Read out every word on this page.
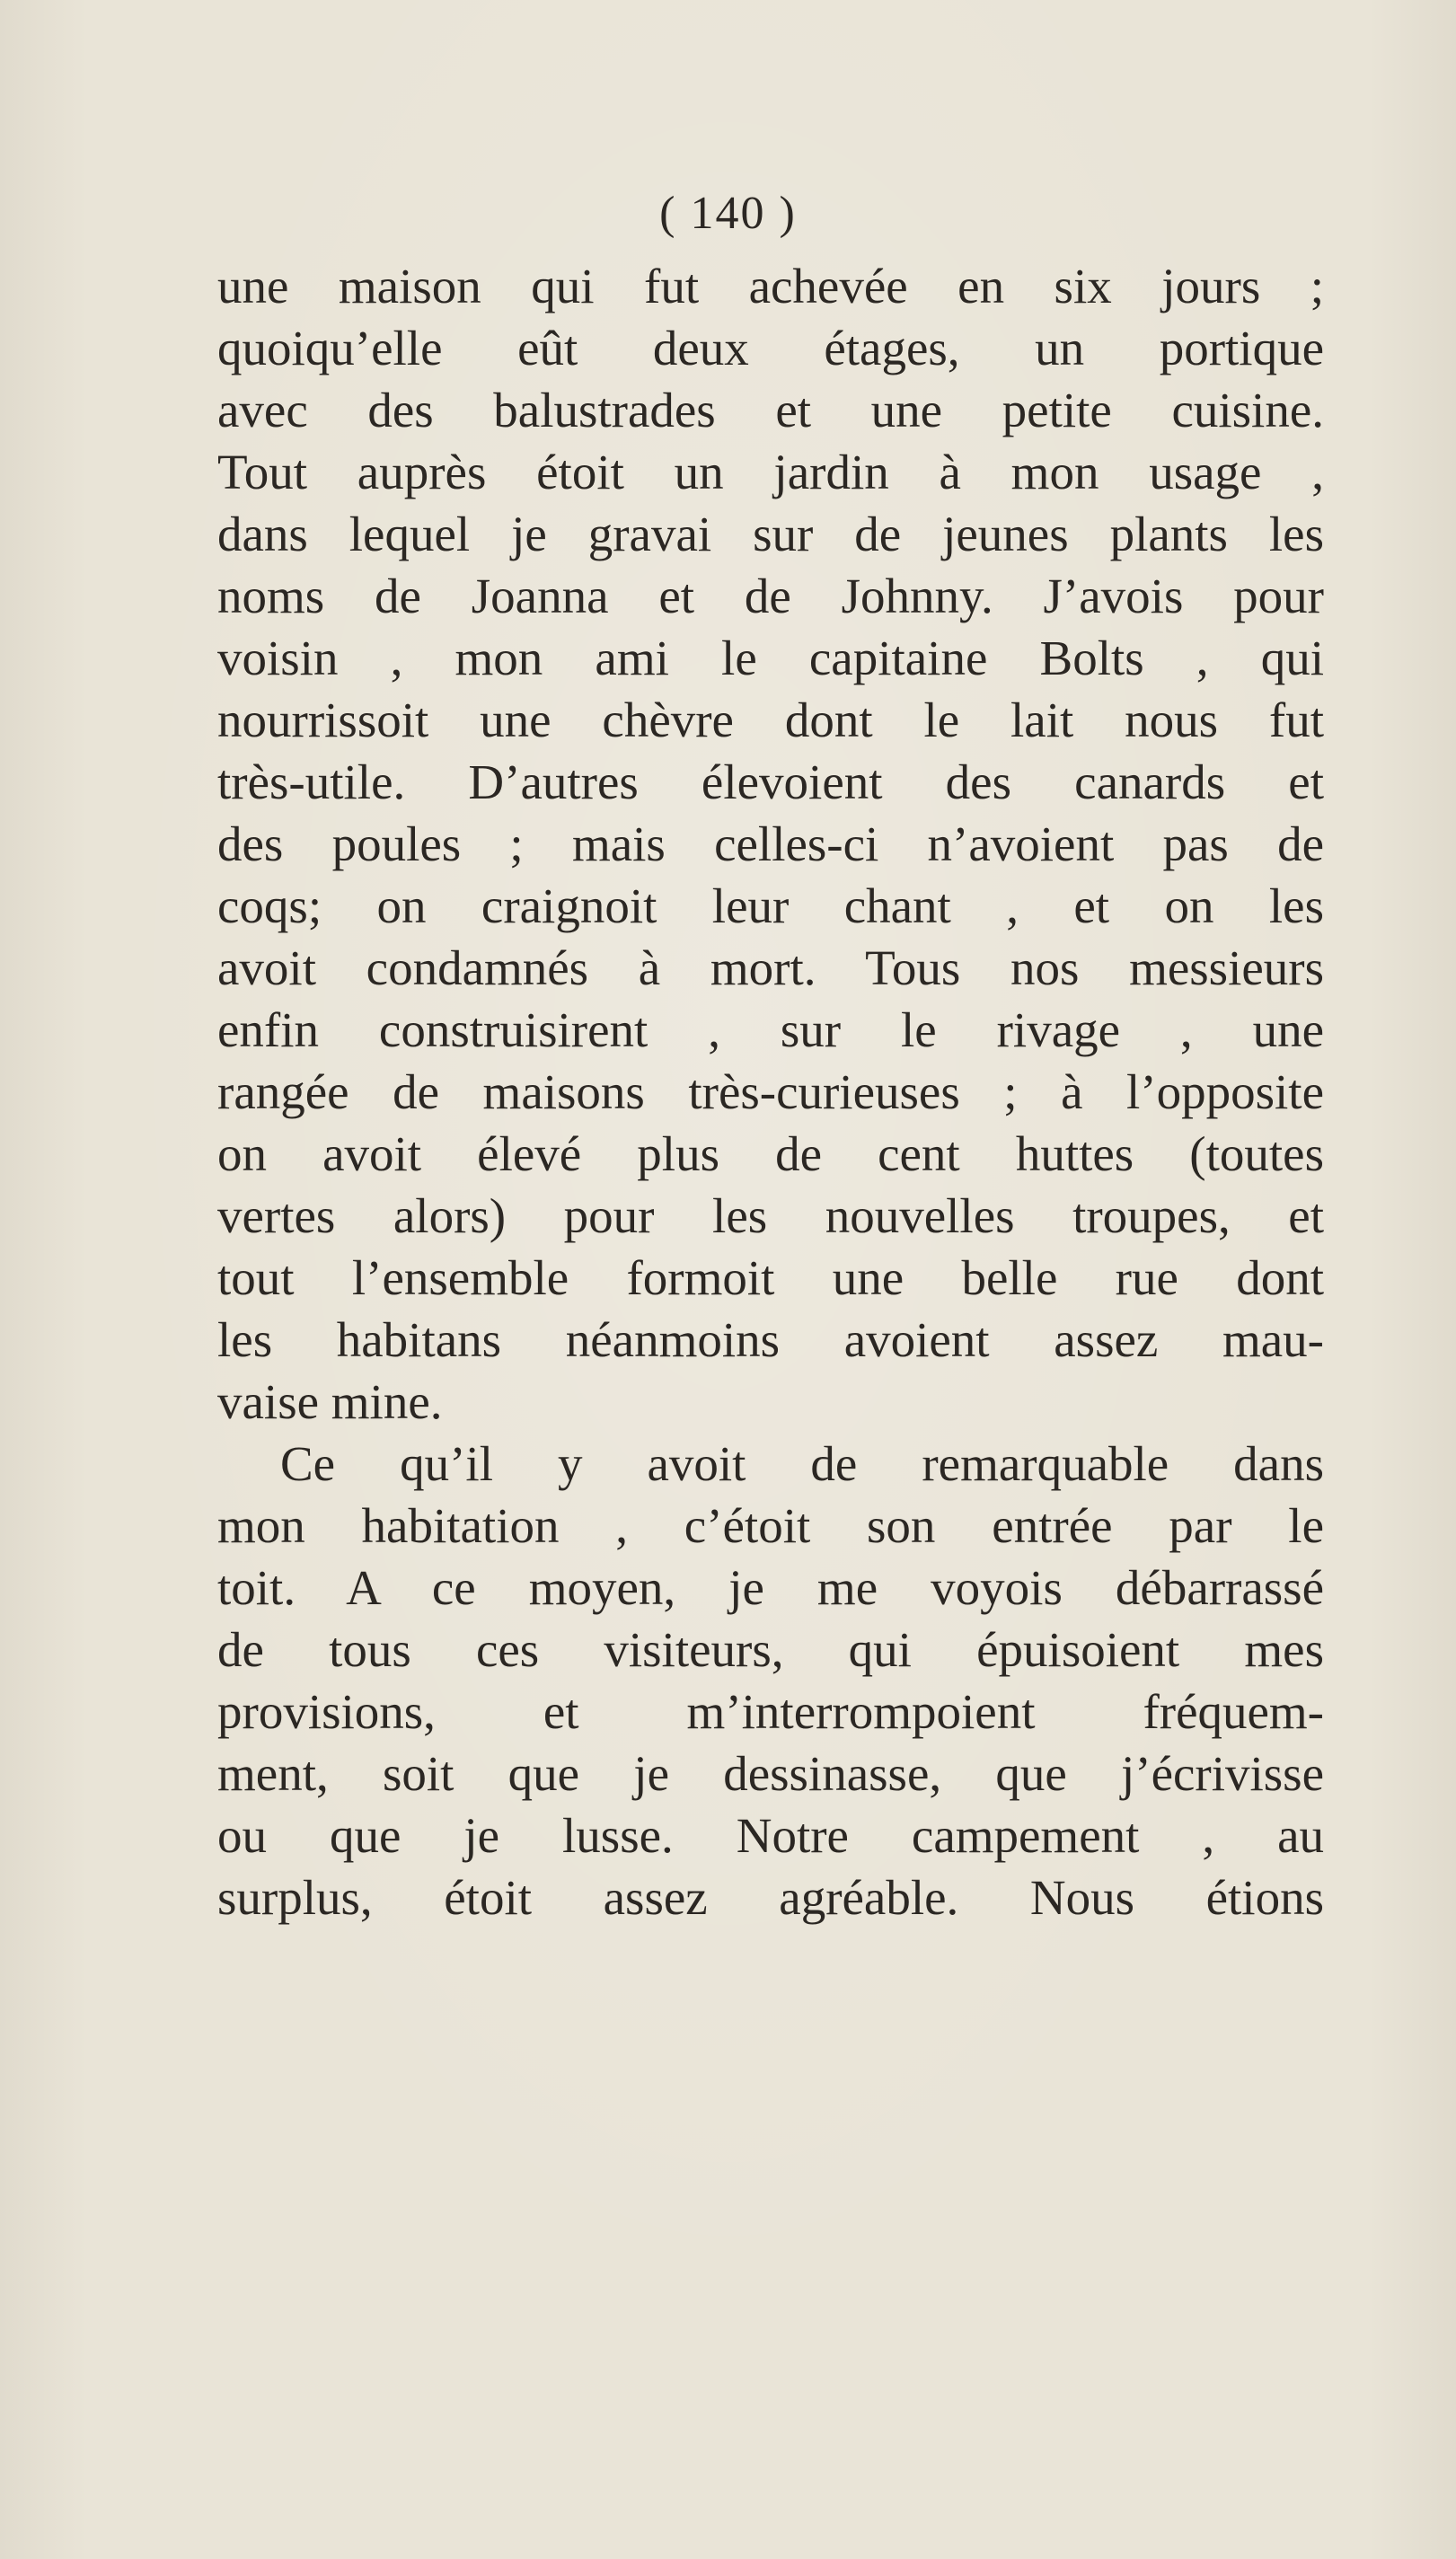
( 140 )
une maison qui fut achevée en six jours ;
quoiqu’elle eût deux étages, un portique
avec des balustrades et une petite cuisine.
Tout auprès étoit un jardin à mon usage ,
dans lequel je gravai sur de jeunes plants les
noms de Joanna et de Johnny. J’avois pour
voisin , mon ami le capitaine Bolts , qui
nourrissoit une chèvre dont le lait nous fut
très-utile. D’autres élevoient des canards et
des poules ; mais celles-ci n’avoient pas de
coqs; on craignoit leur chant , et on les
avoit condamnés à mort. Tous nos messieurs
enfin construisirent , sur le rivage , une
rangée de maisons très-curieuses ; à l’opposite
on avoit élevé plus de cent huttes (toutes
vertes alors) pour les nouvelles troupes, et
tout l’ensemble formoit une belle rue dont
les habitans néanmoins avoient assez mau-
vaise mine.
Ce qu’il y avoit de remarquable dans
mon habitation , c’étoit son entrée par le
toit. A ce moyen, je me voyois débarrassé
de tous ces visiteurs, qui épuisoient mes
provisions, et m’interrompoient fréquem-
ment, soit que je dessinasse, que j’écrivisse
ou que je lusse. Notre campement , au
surplus, étoit assez agréable. Nous étions
